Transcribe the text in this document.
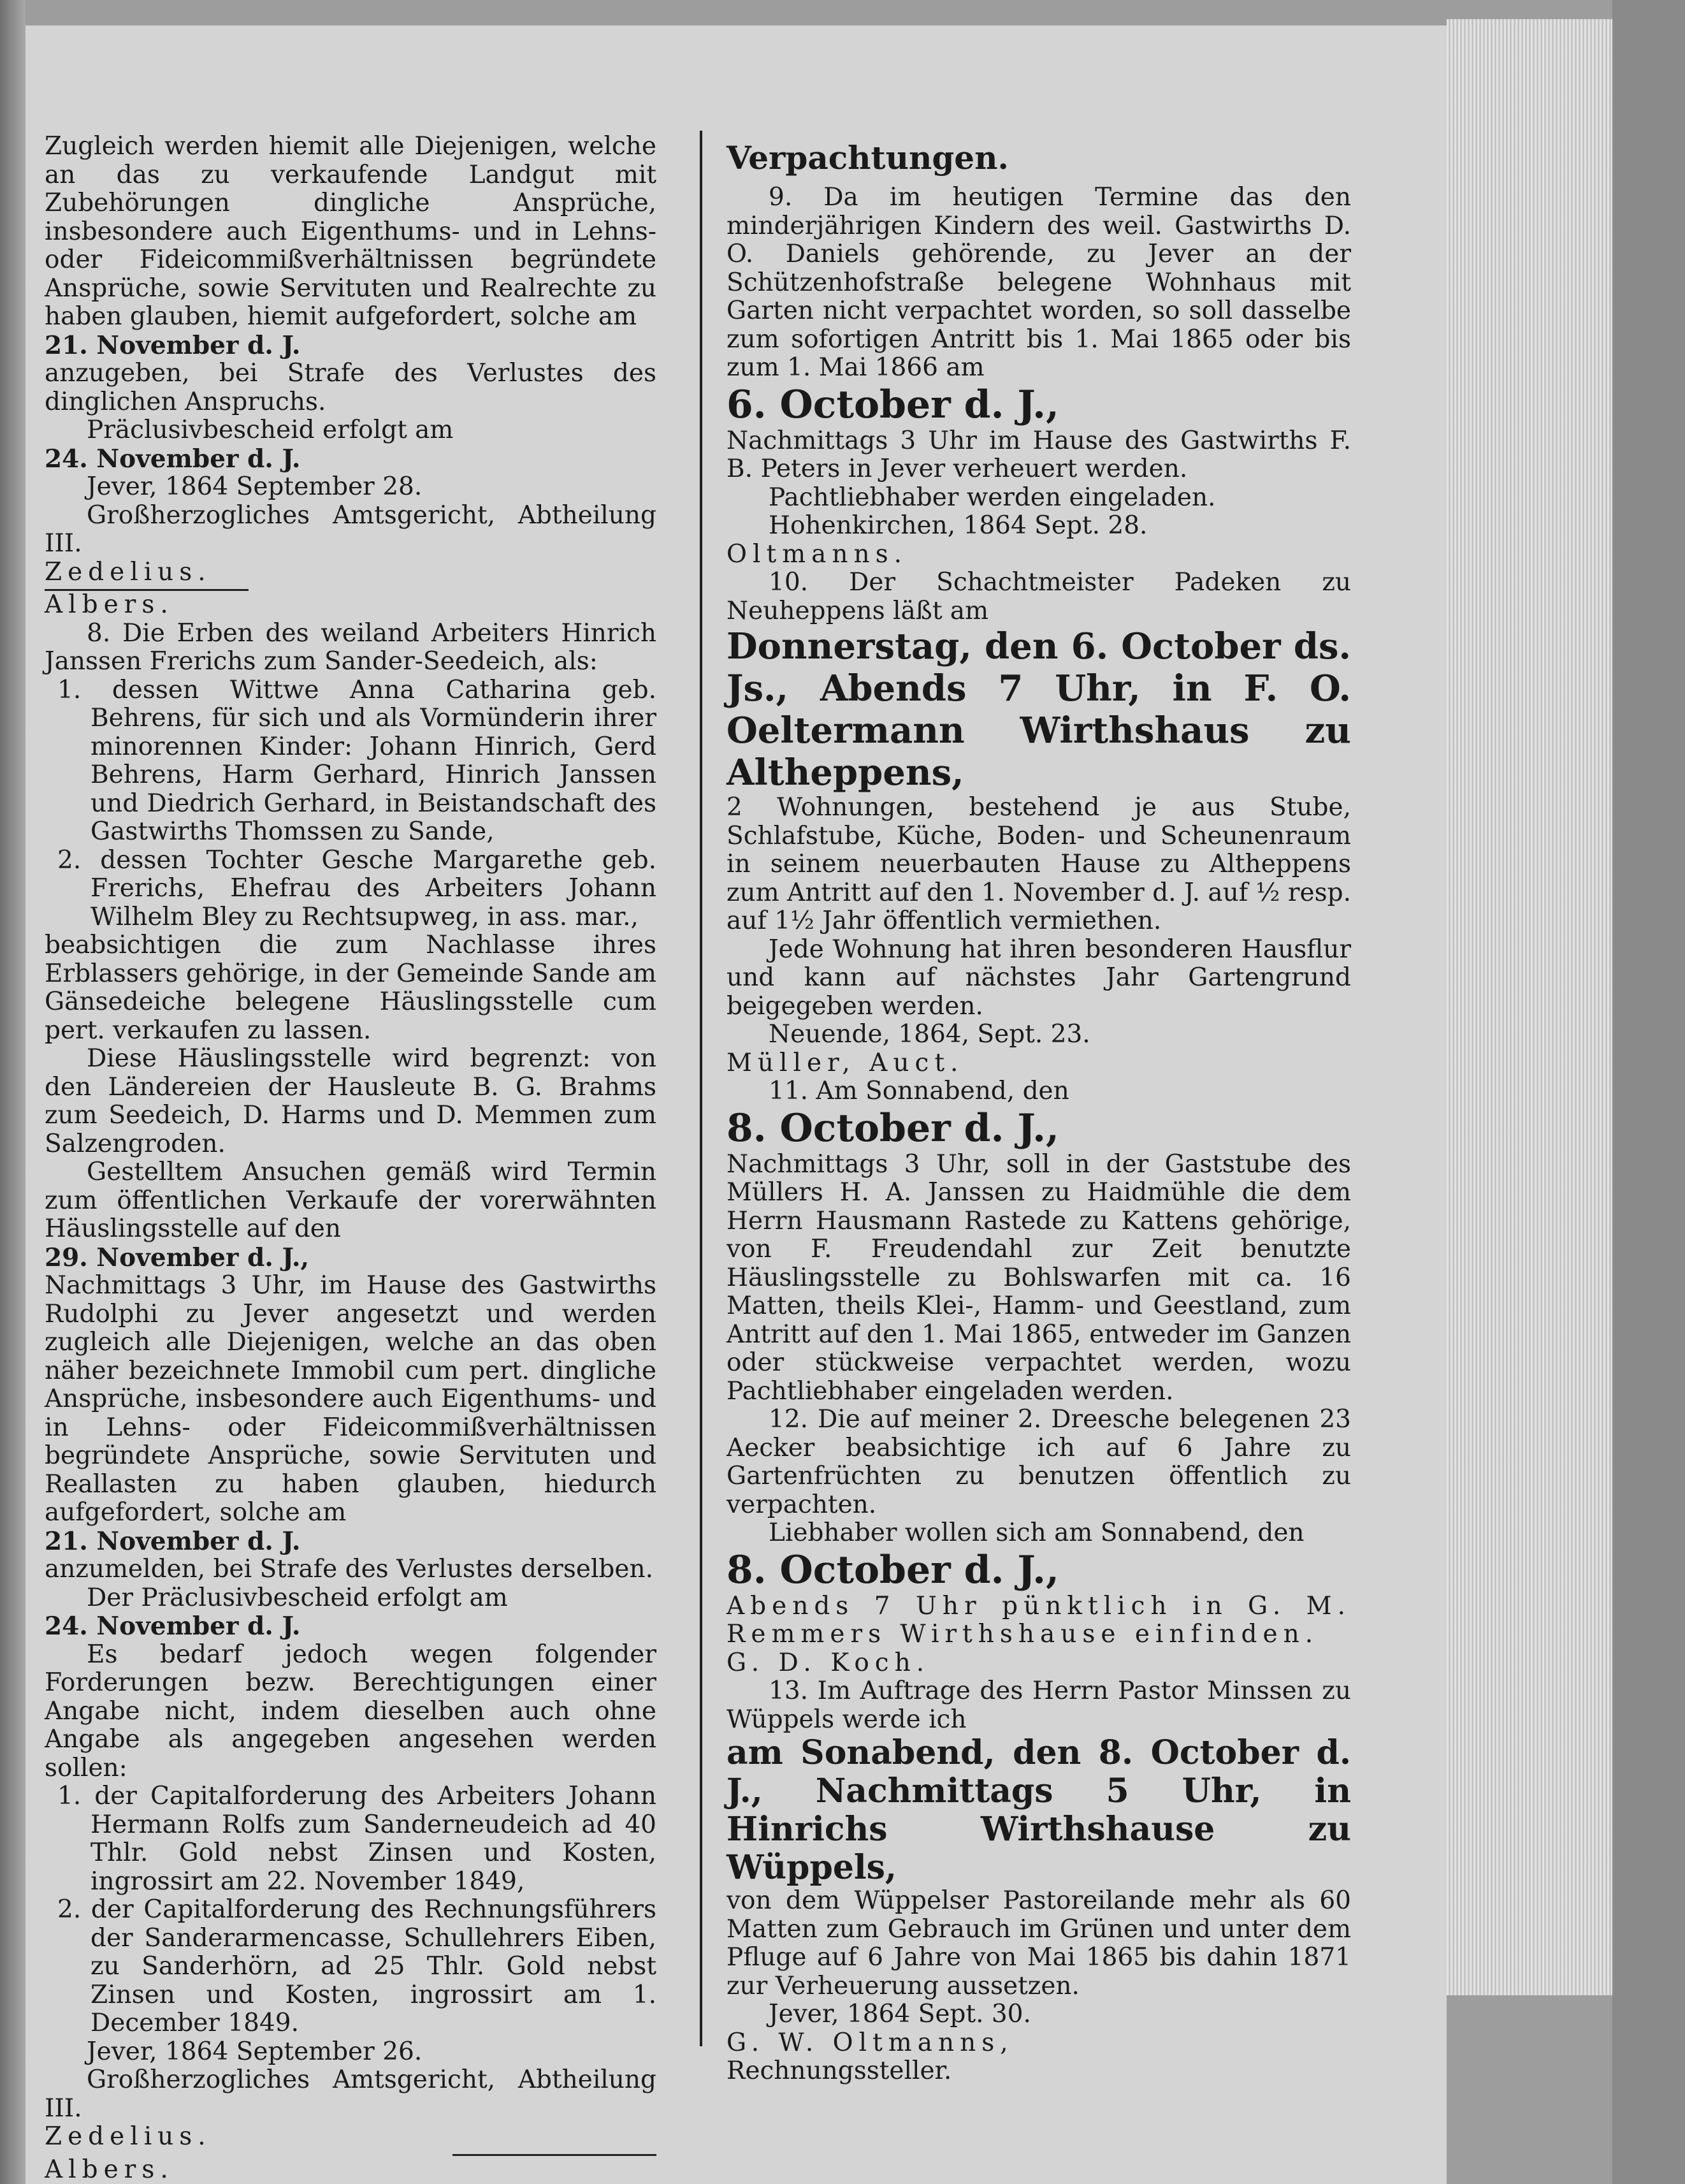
Zugleich werden hiemit alle Diejenigen, welche an das zu verkaufende Landgut mit Zubehörungen dingliche Ansprüche, insbesondere auch Eigenthums- und in Lehns- oder Fideicommißverhältnissen begründete Ansprüche, sowie Servituten und Realrechte zu haben glauben, hiemit aufgefordert, solche am

21. November d. J.

anzugeben, bei Strafe des Verlustes des dinglichen Anspruchs.

Präclusivbescheid erfolgt am

24. November d. J.

Jever, 1864 September 28.

Großherzogliches Amtsgericht, Abtheilung III.

Zedelius.

Albers.

8. Die Erben des weiland Arbeiters Hinrich Janssen Frerichs zum Sander-Seedeich, als:

1. dessen Wittwe Anna Catharina geb. Behrens, für sich und als Vormünderin ihrer minorennen Kinder: Johann Hinrich, Gerd Behrens, Harm Gerhard, Hinrich Janssen und Diedrich Gerhard, in Beistandschaft des Gastwirths Thomssen zu Sande,

2. dessen Tochter Gesche Margarethe geb. Frerichs, Ehefrau des Arbeiters Johann Wilhelm Bley zu Rechtsupweg, in ass. mar.,

beabsichtigen die zum Nachlasse ihres Erblassers gehörige, in der Gemeinde Sande am Gänsedeiche belegene Häuslingsstelle cum pert. verkaufen zu lassen.

Diese Häuslingsstelle wird begrenzt: von den Ländereien der Hausleute B. G. Brahms zum Seedeich, D. Harms und D. Memmen zum Salzengroden.

Gestelltem Ansuchen gemäß wird Termin zum öffentlichen Verkaufe der vorerwähnten Häuslingsstelle auf den

29. November d. J.,

Nachmittags 3 Uhr, im Hause des Gastwirths Rudolphi zu Jever angesetzt und werden zugleich alle Diejenigen, welche an das oben näher bezeichnete Immobil cum pert. dingliche Ansprüche, insbesondere auch Eigenthums- und in Lehns- oder Fideicommißverhältnissen begründete Ansprüche, sowie Servituten und Reallasten zu haben glauben, hiedurch aufgefordert, solche am

21. November d. J.

anzumelden, bei Strafe des Verlustes derselben.

Der Präclusivbescheid erfolgt am

24. November d. J.

Es bedarf jedoch wegen folgender Forderungen bezw. Berechtigungen einer Angabe nicht, indem dieselben auch ohne Angabe als angegeben angesehen werden sollen:

1. der Capitalforderung des Arbeiters Johann Hermann Rolfs zum Sanderneudeich ad 40 Thlr. Gold nebst Zinsen und Kosten, ingrossirt am 22. November 1849,

2. der Capitalforderung des Rechnungsführers der Sanderarmencasse, Schullehrers Eiben, zu Sanderhörn, ad 25 Thlr. Gold nebst Zinsen und Kosten, ingrossirt am 1. December 1849.

Jever, 1864 September 26.

Großherzogliches Amtsgericht, Abtheilung III.

Zedelius.

Albers.

Verpachtungen.

9. Da im heutigen Termine das den minderjährigen Kindern des weil. Gastwirths D. O. Daniels gehörende, zu Jever an der Schützenhofstraße belegene Wohnhaus mit Garten nicht verpachtet worden, so soll dasselbe zum sofortigen Antritt bis 1. Mai 1865 oder bis zum 1. Mai 1866 am

6. October d. J.,

Nachmittags 3 Uhr im Hause des Gastwirths F. B. Peters in Jever verheuert werden.

Pachtliebhaber werden eingeladen.

Hohenkirchen, 1864 Sept. 28.

Oltmanns.

10. Der Schachtmeister Padeken zu Neuheppens läßt am

Donnerstag, den 6. October ds. Js., Abends 7 Uhr, in F. O. Oeltermann Wirthshaus zu Altheppens,

2 Wohnungen, bestehend je aus Stube, Schlafstube, Küche, Boden- und Scheunenraum in seinem neuerbauten Hause zu Altheppens zum Antritt auf den 1. November d. J. auf ½ resp. auf 1½ Jahr öffentlich vermiethen.

Jede Wohnung hat ihren besonderen Hausflur und kann auf nächstes Jahr Gartengrund beigegeben werden.

Neuende, 1864, Sept. 23.

Müller, Auct.

11. Am Sonnabend, den

8. October d. J.,

Nachmittags 3 Uhr, soll in der Gaststube des Müllers H. A. Janssen zu Haidmühle die dem Herrn Hausmann Rastede zu Kattens gehörige, von F. Freudendahl zur Zeit benutzte Häuslingsstelle zu Bohlswarfen mit ca. 16 Matten, theils Klei-, Hamm- und Geestland, zum Antritt auf den 1. Mai 1865, entweder im Ganzen oder stückweise verpachtet werden, wozu Pachtliebhaber eingeladen werden.

12. Die auf meiner 2. Dreesche belegenen 23 Aecker beabsichtige ich auf 6 Jahre zu Gartenfrüchten zu benutzen öffentlich zu verpachten.

Liebhaber wollen sich am Sonnabend, den

8. October d. J.,

Abends 7 Uhr pünktlich in G. M. Remmers Wirthshause einfinden.

G. D. Koch.

13. Im Auftrage des Herrn Pastor Minssen zu Wüppels werde ich

am Sonabend, den 8. October d. J., Nachmittags 5 Uhr, in Hinrichs Wirthshause zu Wüppels,

von dem Wüppelser Pastoreilande mehr als 60 Matten zum Gebrauch im Grünen und unter dem Pfluge auf 6 Jahre von Mai 1865 bis dahin 1871 zur Verheuerung aussetzen.

Jever, 1864 Sept. 30.

G. W. Oltmanns,

Rechnungssteller.
